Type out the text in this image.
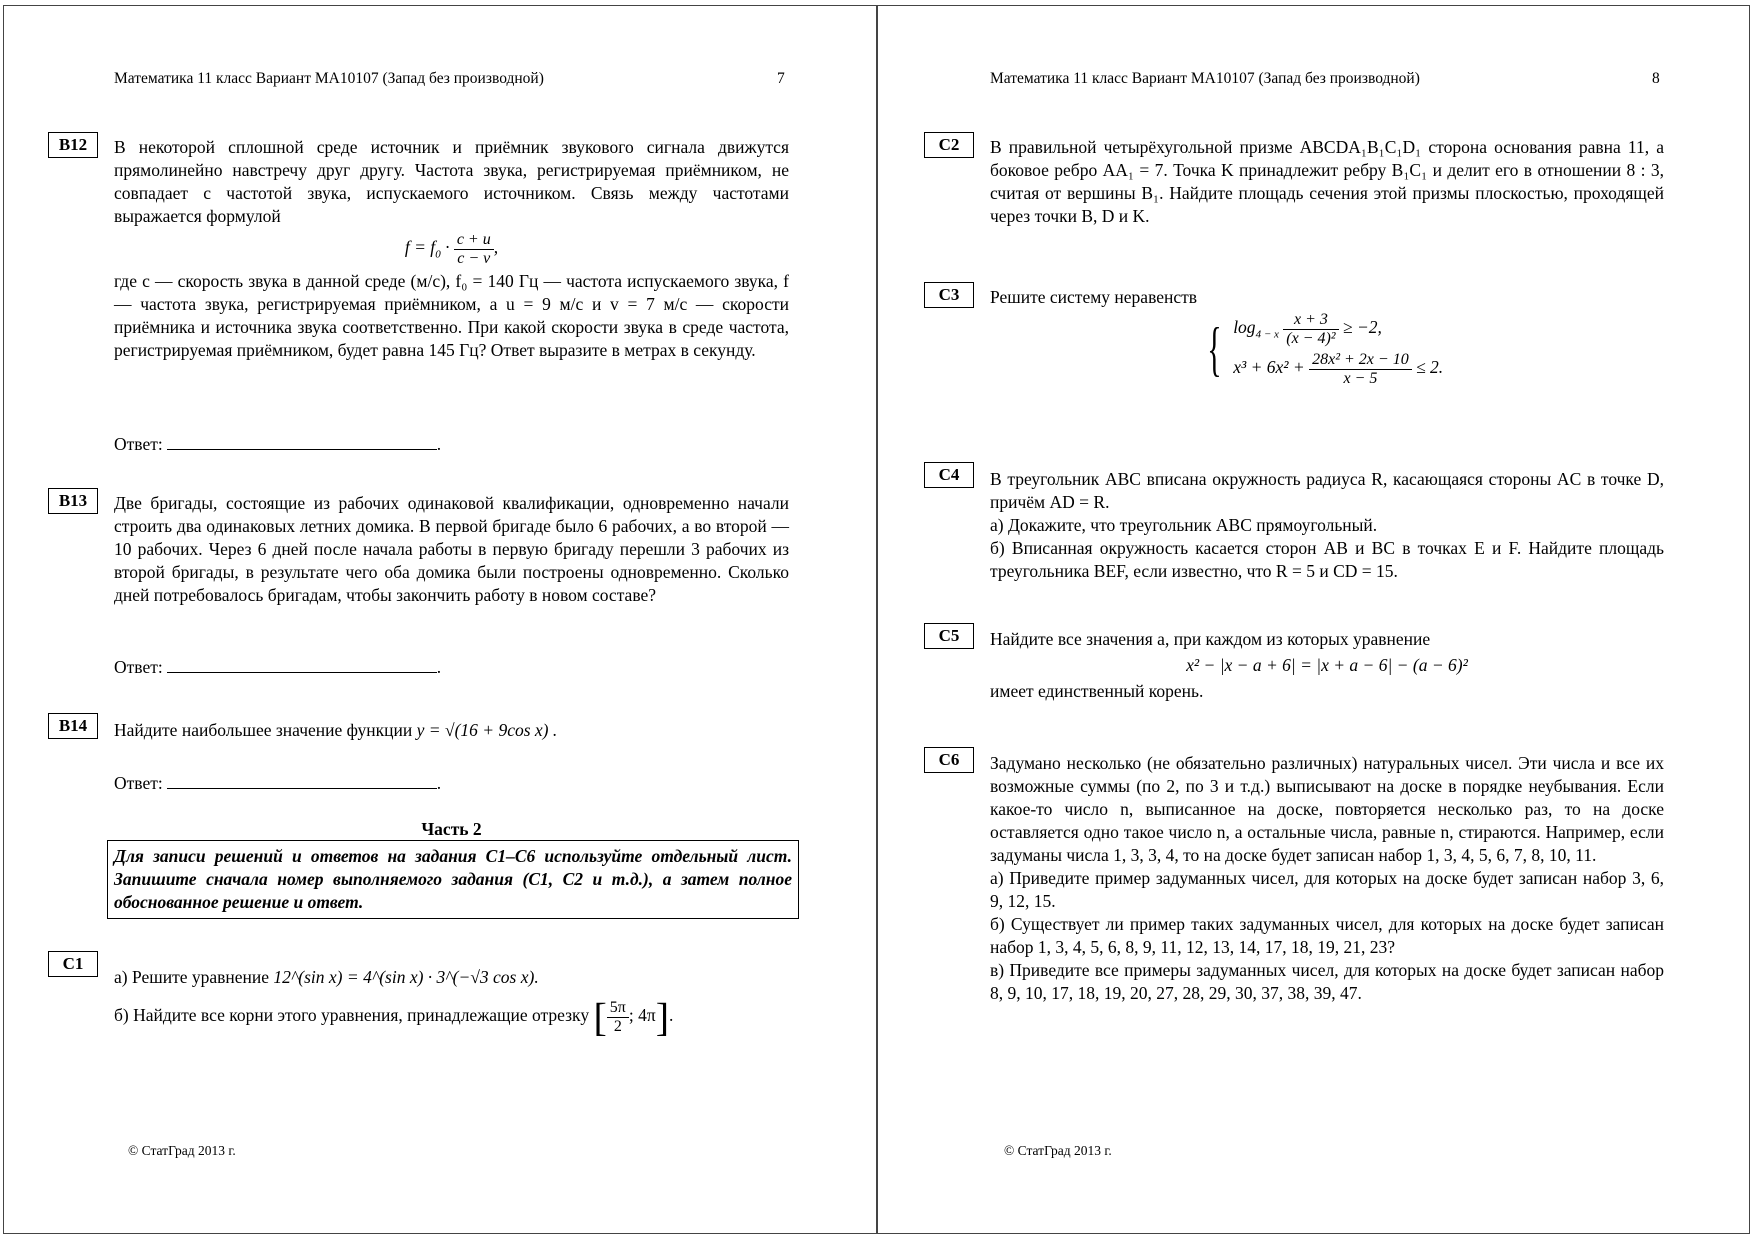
Математика 11 класс Вариант МА10107 (Запад без производной)	7
B12	В некоторой сплошной среде источник и приёмник звукового сигнала движутся прямолинейно навстречу друг другу. Частота звука, регистрируемая приёмником, не совпадает с частотой звука, испускаемого источником. Связь между частотами выражается формулой

$f = f_0 \cdot \frac{c + u}{c - v}$ ,

где c — скорость звука в данной среде (м/с), f₀ = 140 Гц — частота испускаемого звука, f — частота звука, регистрируемая приёмником, а u = 9 м/с и v = 7 м/с — скорости приёмника и источника звука соответственно. При какой скорости звука в среде частота, регистрируемая приёмником, будет равна 145 Гц? Ответ выразите в метрах в секунду.

Ответ:	.
B13	Две бригады, состоящие из рабочих одинаковой квалификации, одновременно начали строить два одинаковых летних домика. В первой бригаде было 6 рабочих, а во второй — 10 рабочих. Через 6 дней после начала работы в первую бригаду перешли 3 рабочих из второй бригады, в результате чего оба домика были построены одновременно. Сколько дней потребовалось бригадам, чтобы закончить работу в новом составе?

Ответ:	.
B14	Найдите наибольшее значение функции y = √(16 + 9cos x) .
Ответ:	.
Часть 2
Для записи решений и ответов на задания С1–С6 используйте отдельный лист. Запишите сначала номер выполняемого задания (С1, С2 и т.д.), а затем полное обоснованное решение и ответ.
C1

а) Решите уравнение 12^(sin x) = 4^(sin x) · 3^(−√3 cos x).

б) Найдите все корни этого уравнения, принадлежащие отрезку [ $\frac{5\pi}{2}$ ; 4π].

© СтатГрад 2013 г.
Математика 11 класс Вариант МА10107 (Запад без производной)	8
C2	В правильной четырёхугольной призме ABCDA₁B₁C₁D₁ сторона основания равна 11, а боковое ребро AA₁ = 7. Точка K принадлежит ребру B₁C₁ и делит его в отношении 8 : 3, считая от вершины B₁. Найдите площадь сечения этой призмы плоскостью, проходящей через точки B, D и K.

C3	Решите систему неравенств

{ $\log_{4 - x} \frac{x + 3}{\text{(x − 4)²}} \ge -2$,
$x^3 + 6x^2 + \frac{\text{28x² + 2x − 10}}{x - 5} \le 2$.
C4	В треугольник ABC вписана окружность радиуса R, касающаяся стороны AC в точке D, причём AD = R.

а) Докажите, что треугольник ABC прямоугольный.

б) Вписанная окружность касается сторон AB и BC в точках E и F. Найдите площадь треугольника BEF, если известно, что R = 5 и CD = 15.

C5	Найдите все значения a, при каждом из которых уравнение

x² − |x − a + 6| = |x + a − 6| − (a − 6)²

имеет единственный корень.

C6	Задумано несколько (не обязательно различных) натуральных чисел. Эти числа и все их возможные суммы (по 2, по 3 и т.д.) выписывают на доске в порядке неубывания. Если какое-то число n, выписанное на доске, повторяется несколько раз, то на доске оставляется одно такое число n, а остальные числа, равные n, стираются. Например, если задуманы числа 1, 3, 3, 4, то на доске будет записан набор 1, 3, 4, 5, 6, 7, 8, 10, 11.

а) Приведите пример задуманных чисел, для которых на доске будет записан набор 3, 6, 9, 12, 15.

б) Существует ли пример таких задуманных чисел, для которых на доске будет записан набор 1, 3, 4, 5, 6, 8, 9, 11, 12, 13, 14, 17, 18, 19, 21, 23?

в) Приведите все примеры задуманных чисел, для которых на доске будет записан набор 8, 9, 10, 17, 18, 19, 20, 27, 28, 29, 30, 37, 38, 39, 47.

© СтатГрад 2013 г.
